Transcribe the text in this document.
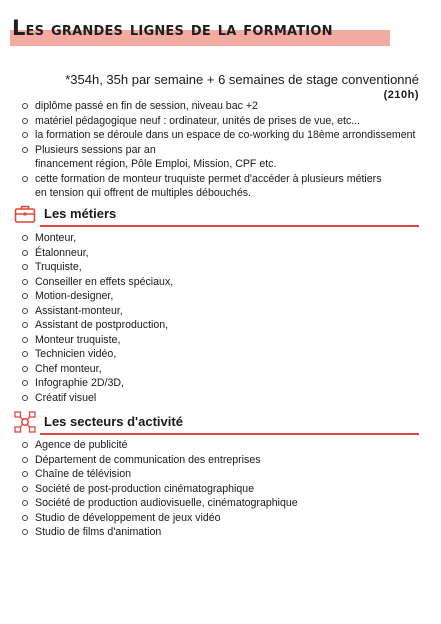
Les grandes lignes de la formation
*354h, 35h par semaine + 6 semaines de stage conventionné
(210h)
diplôme passé en fin de session, niveau bac +2
matériel pédagogique neuf : ordinateur, unités de prises de vue, etc...
la formation se déroule dans un espace de co-working du 18ème arrondissement
Plusieurs sessions par an
financement région, Pôle Emploi, Mission, CPF etc.
cette formation de monteur truquiste permet d'accéder à plusieurs métiers
en tension qui offrent de multiples débouchés.
Les métiers
Monteur,
Étalonneur,
Truquiste,
Conseiller en effets spéciaux,
Motion-designer,
Assistant-monteur,
Assistant de postproduction,
Monteur truquiste,
Technicien vidéo,
Chef monteur,
Infographie 2D/3D,
Créatif visuel
Les secteurs d'activité
Agence de publicité
Département de communication des entreprises
Chaîne de télévision
Société de post-production cinématographique
Société de production audiovisuelle, cinématographique
Studio de développement de jeux vidéo
Studio de films d'animation
